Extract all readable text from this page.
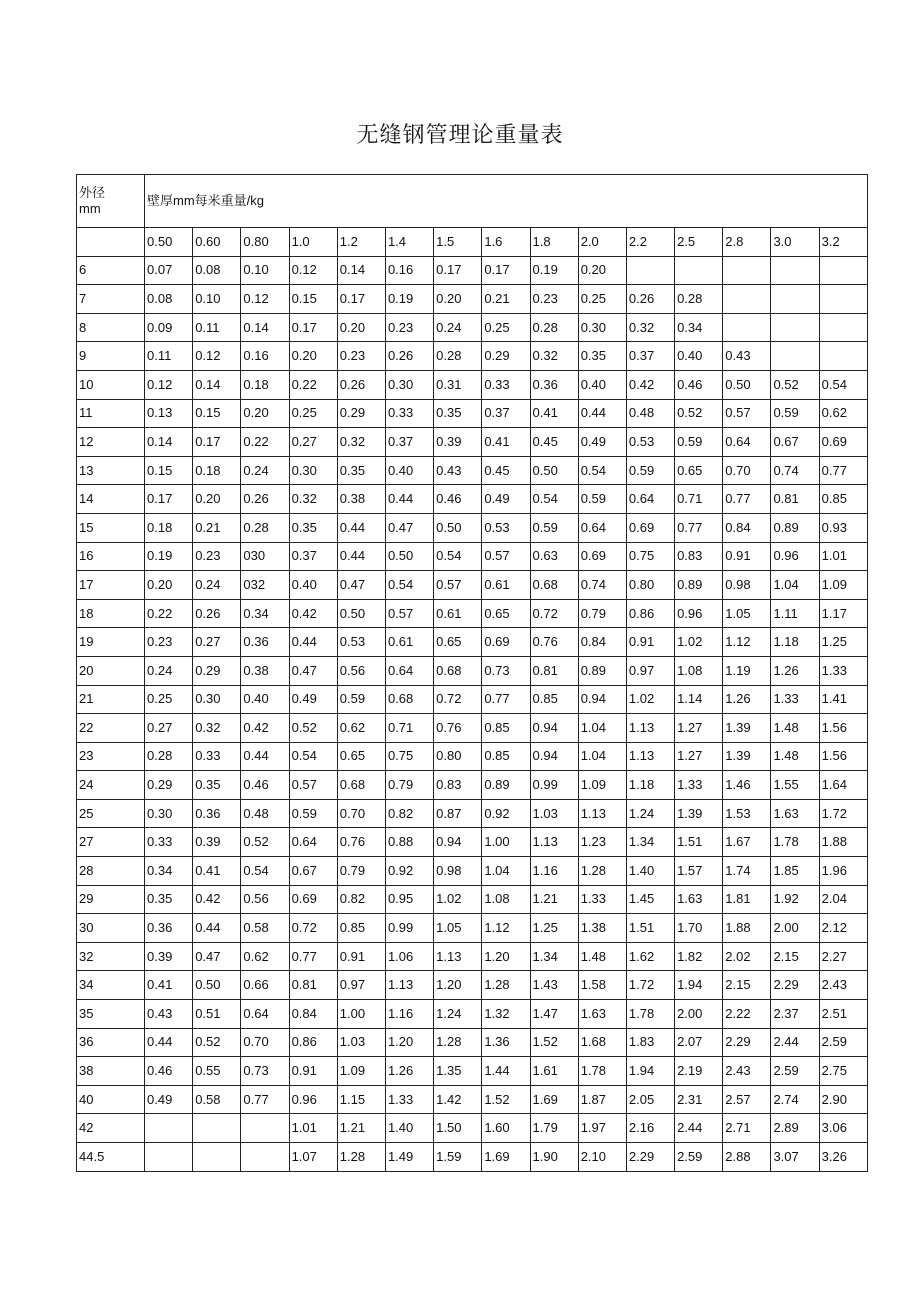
无缝钢管理论重量表
外径
mm	壁厚mm每米重量/kg														
	0.50	0.60	0.80	1.0	1.2	1.4	1.5	1.6	1.8	2.0	2.2	2.5	2.8	3.0	3.2
6	0.07	0.08	0.10	0.12	0.14	0.16	0.17	0.17	0.19	0.20					
7	0.08	0.10	0.12	0.15	0.17	0.19	0.20	0.21	0.23	0.25	0.26	0.28			
8	0.09	0.11	0.14	0.17	0.20	0.23	0.24	0.25	0.28	0.30	0.32	0.34			
9	0.11	0.12	0.16	0.20	0.23	0.26	0.28	0.29	0.32	0.35	0.37	0.40	0.43		
10	0.12	0.14	0.18	0.22	0.26	0.30	0.31	0.33	0.36	0.40	0.42	0.46	0.50	0.52	0.54
11	0.13	0.15	0.20	0.25	0.29	0.33	0.35	0.37	0.41	0.44	0.48	0.52	0.57	0.59	0.62
12	0.14	0.17	0.22	0.27	0.32	0.37	0.39	0.41	0.45	0.49	0.53	0.59	0.64	0.67	0.69
13	0.15	0.18	0.24	0.30	0.35	0.40	0.43	0.45	0.50	0.54	0.59	0.65	0.70	0.74	0.77
14	0.17	0.20	0.26	0.32	0.38	0.44	0.46	0.49	0.54	0.59	0.64	0.71	0.77	0.81	0.85
15	0.18	0.21	0.28	0.35	0.44	0.47	0.50	0.53	0.59	0.64	0.69	0.77	0.84	0.89	0.93
16	0.19	0.23	030	0.37	0.44	0.50	0.54	0.57	0.63	0.69	0.75	0.83	0.91	0.96	1.01
17	0.20	0.24	032	0.40	0.47	0.54	0.57	0.61	0.68	0.74	0.80	0.89	0.98	1.04	1.09
18	0.22	0.26	0.34	0.42	0.50	0.57	0.61	0.65	0.72	0.79	0.86	0.96	1.05	1.11	1.17
19	0.23	0.27	0.36	0.44	0.53	0.61	0.65	0.69	0.76	0.84	0.91	1.02	1.12	1.18	1.25
20	0.24	0.29	0.38	0.47	0.56	0.64	0.68	0.73	0.81	0.89	0.97	1.08	1.19	1.26	1.33
21	0.25	0.30	0.40	0.49	0.59	0.68	0.72	0.77	0.85	0.94	1.02	1.14	1.26	1.33	1.41
22	0.27	0.32	0.42	0.52	0.62	0.71	0.76	0.85	0.94	1.04	1.13	1.27	1.39	1.48	1.56
23	0.28	0.33	0.44	0.54	0.65	0.75	0.80	0.85	0.94	1.04	1.13	1.27	1.39	1.48	1.56
24	0.29	0.35	0.46	0.57	0.68	0.79	0.83	0.89	0.99	1.09	1.18	1.33	1.46	1.55	1.64
25	0.30	0.36	0.48	0.59	0.70	0.82	0.87	0.92	1.03	1.13	1.24	1.39	1.53	1.63	1.72
27	0.33	0.39	0.52	0.64	0.76	0.88	0.94	1.00	1.13	1.23	1.34	1.51	1.67	1.78	1.88
28	0.34	0.41	0.54	0.67	0.79	0.92	0.98	1.04	1.16	1.28	1.40	1.57	1.74	1.85	1.96
29	0.35	0.42	0.56	0.69	0.82	0.95	1.02	1.08	1.21	1.33	1.45	1.63	1.81	1.92	2.04
30	0.36	0.44	0.58	0.72	0.85	0.99	1.05	1.12	1.25	1.38	1.51	1.70	1.88	2.00	2.12
32	0.39	0.47	0.62	0.77	0.91	1.06	1.13	1.20	1.34	1.48	1.62	1.82	2.02	2.15	2.27
34	0.41	0.50	0.66	0.81	0.97	1.13	1.20	1.28	1.43	1.58	1.72	1.94	2.15	2.29	2.43
35	0.43	0.51	0.64	0.84	1.00	1.16	1.24	1.32	1.47	1.63	1.78	2.00	2.22	2.37	2.51
36	0.44	0.52	0.70	0.86	1.03	1.20	1.28	1.36	1.52	1.68	1.83	2.07	2.29	2.44	2.59
38	0.46	0.55	0.73	0.91	1.09	1.26	1.35	1.44	1.61	1.78	1.94	2.19	2.43	2.59	2.75
40	0.49	0.58	0.77	0.96	1.15	1.33	1.42	1.52	1.69	1.87	2.05	2.31	2.57	2.74	2.90
42				1.01	1.21	1.40	1.50	1.60	1.79	1.97	2.16	2.44	2.71	2.89	3.06
44.5				1.07	1.28	1.49	1.59	1.69	1.90	2.10	2.29	2.59	2.88	3.07	3.26
